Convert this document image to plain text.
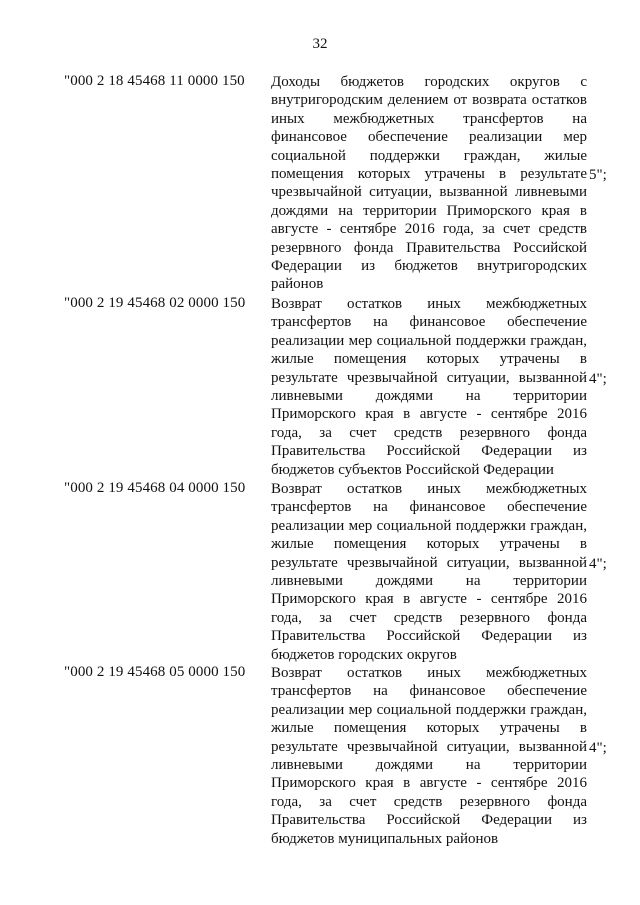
32
"000 2 18 45468 11 0000 150 Доходы бюджетов городских округов с внутригородским делением от возврата остатков иных межбюджетных трансфертов на финансовое обеспечение реализации мер социальной поддержки граждан, жилые помещения которых утрачены в результате чрезвычайной ситуации, вызванной ливневыми дождями на территории Приморского края в августе - сентябре 2016 года, за счет средств резервного фонда Правительства Российской Федерации из бюджетов внутригородских районов
5";
"000 2 19 45468 02 0000 150 Возврат остатков иных межбюджетных трансфертов на финансовое обеспечение реализации мер социальной поддержки граждан, жилые помещения которых утрачены в результате чрезвычайной ситуации, вызванной ливневыми дождями на территории Приморского края в августе - сентябре 2016 года, за счет средств резервного фонда Правительства Российской Федерации из бюджетов субъектов Российской Федерации
4";
"000 2 19 45468 04 0000 150 Возврат остатков иных межбюджетных трансфертов на финансовое обеспечение реализации мер социальной поддержки граждан, жилые помещения которых утрачены в результате чрезвычайной ситуации, вызванной ливневыми дождями на территории Приморского края в августе - сентябре 2016 года, за счет средств резервного фонда Правительства Российской Федерации из бюджетов городских округов
4";
"000 2 19 45468 05 0000 150 Возврат остатков иных межбюджетных трансфертов на финансовое обеспечение реализации мер социальной поддержки граждан, жилые помещения которых утрачены в результате чрезвычайной ситуации, вызванной ливневыми дождями на территории Приморского края в августе - сентябре 2016 года, за счет средств резервного фонда Правительства Российской Федерации из бюджетов муниципальных районов
4";
